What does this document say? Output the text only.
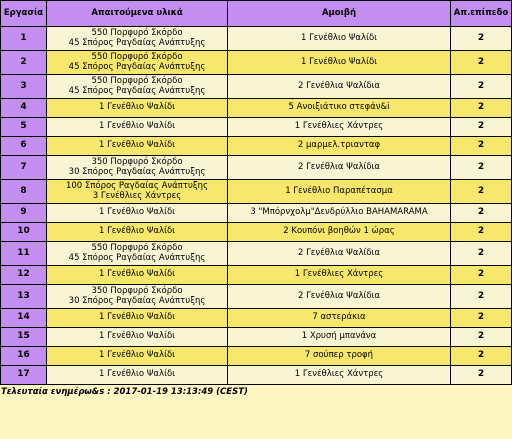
Εργασία	Απαιτούμενα υλικά	Αμοιβή	Απ.επίπεδο
1	550 Πορφυρό Σκόρδο
45 Σπόρος Ραγδαίας Ανάπτυξης	1 Γενέθλιο Ψαλίδι	2
2	550 Πορφυρό Σκόρδο
45 Σπόρος Ραγδαίας Ανάπτυξης	1 Γενέθλιο Ψαλίδι	2
3	550 Πορφυρό Σκόρδο
45 Σπόρος Ραγδαίας Ανάπτυξης	2 Γενέθλια Ψαλίδια	2
4	1 Γενέθλιο Ψαλίδι	5 Ανοιξιάτικο στεφάν&i	2
5	1 Γενέθλιο Ψαλίδι	1 Γενέθλιες Χάντρες	2
6	1 Γενέθλιο Ψαλίδι	2 μαρμελ.τριανταφ	2
7	350 Πορφυρό Σκόρδο
30 Σπόρος Ραγδαίας Ανάπτυξης	2 Γενέθλια Ψαλίδια	2
8	100 Σπόρος Ραγδαίας Ανάπτυξης
3 Γενέθλιες Χάντρες	1 Γενέθλιο Παραπέτασμα	2
9	1 Γενέθλιο Ψαλίδι	3 "Μπόρνχολμ"Δενδρύλλιο BAHAMARAMA	2
10	1 Γενέθλιο Ψαλίδι	2 Κουπόνι βοηθών 1 ώρας	2
11	550 Πορφυρό Σκόρδο
45 Σπόρος Ραγδαίας Ανάπτυξης	2 Γενέθλια Ψαλίδια	2
12	1 Γενέθλιο Ψαλίδι	1 Γενέθλιες Χάντρες	2
13	350 Πορφυρό Σκόρδο
30 Σπόρος Ραγδαίας Ανάπτυξης	2 Γενέθλια Ψαλίδια	2
14	1 Γενέθλιο Ψαλίδι	7 αστεράκια	2
15	1 Γενέθλιο Ψαλίδι	1 Χρυσή μπανάνα	2
16	1 Γενέθλιο Ψαλίδι	7 σούπερ τροφή	2
17	1 Γενέθλιο Ψαλίδι	1 Γενέθλιες Χάντρες	2
Τελευταία ενημέρω&s : 2017-01-19 13:13:49 (CEST)
